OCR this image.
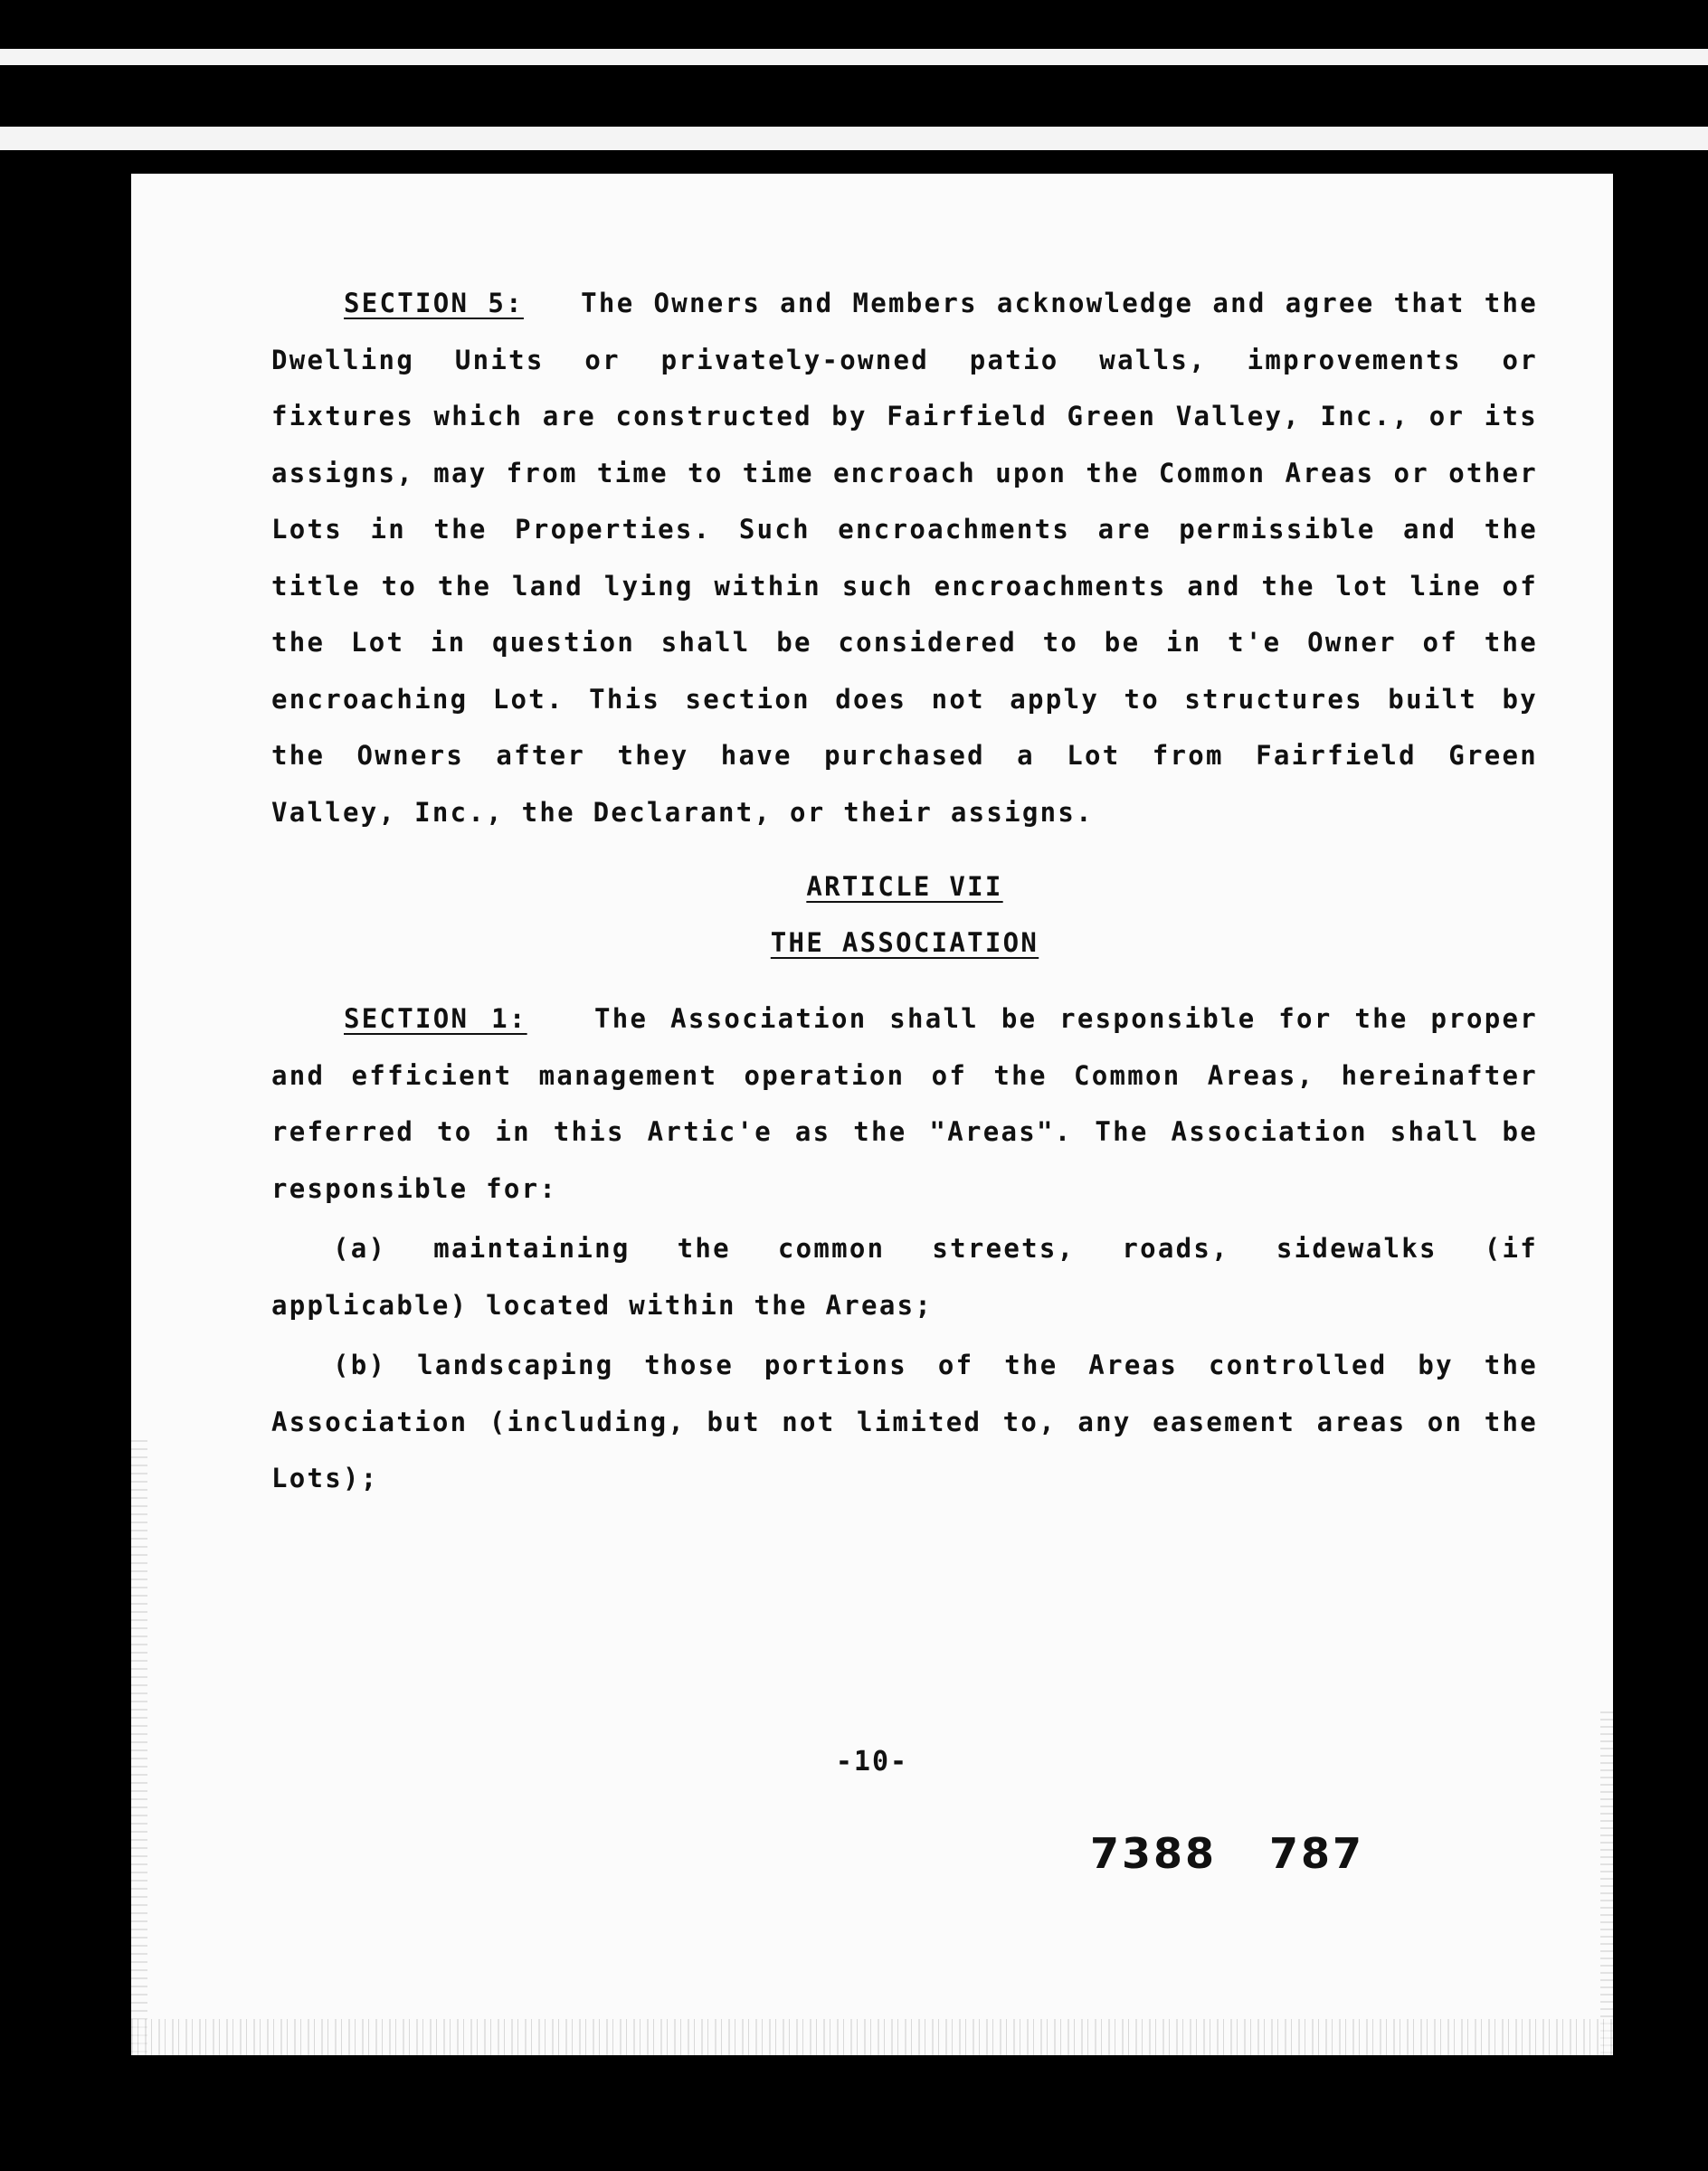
SECTION 5: The Owners and Members acknowledge and agree that the Dwelling Units or privately-owned patio walls, improvements or fixtures which are constructed by Fairfield Green Valley, Inc., or its assigns, may from time to time encroach upon the Common Areas or other Lots in the Properties. Such encroachments are permissible and the title to the land lying within such encroachments and the lot line of the Lot in question shall be considered to be in t'e Owner of the encroaching Lot. This section does not apply to structures built by the Owners after they have purchased a Lot from Fairfield Green Valley, Inc., the Declarant, or their assigns.

ARTICLE VII
THE ASSOCIATION

SECTION 1:	The Association shall be responsible for the proper and efficient management operation of the Common Areas, hereinafter referred to in this Artic'e as the "Areas". The Association shall be responsible for:

(a) maintaining the common streets, roads, sidewalks (if applicable) located within the Areas;

(b) landscaping those portions of the Areas controlled by the Association (including, but not limited to, any easement areas on the Lots);

-10-
7388 787
